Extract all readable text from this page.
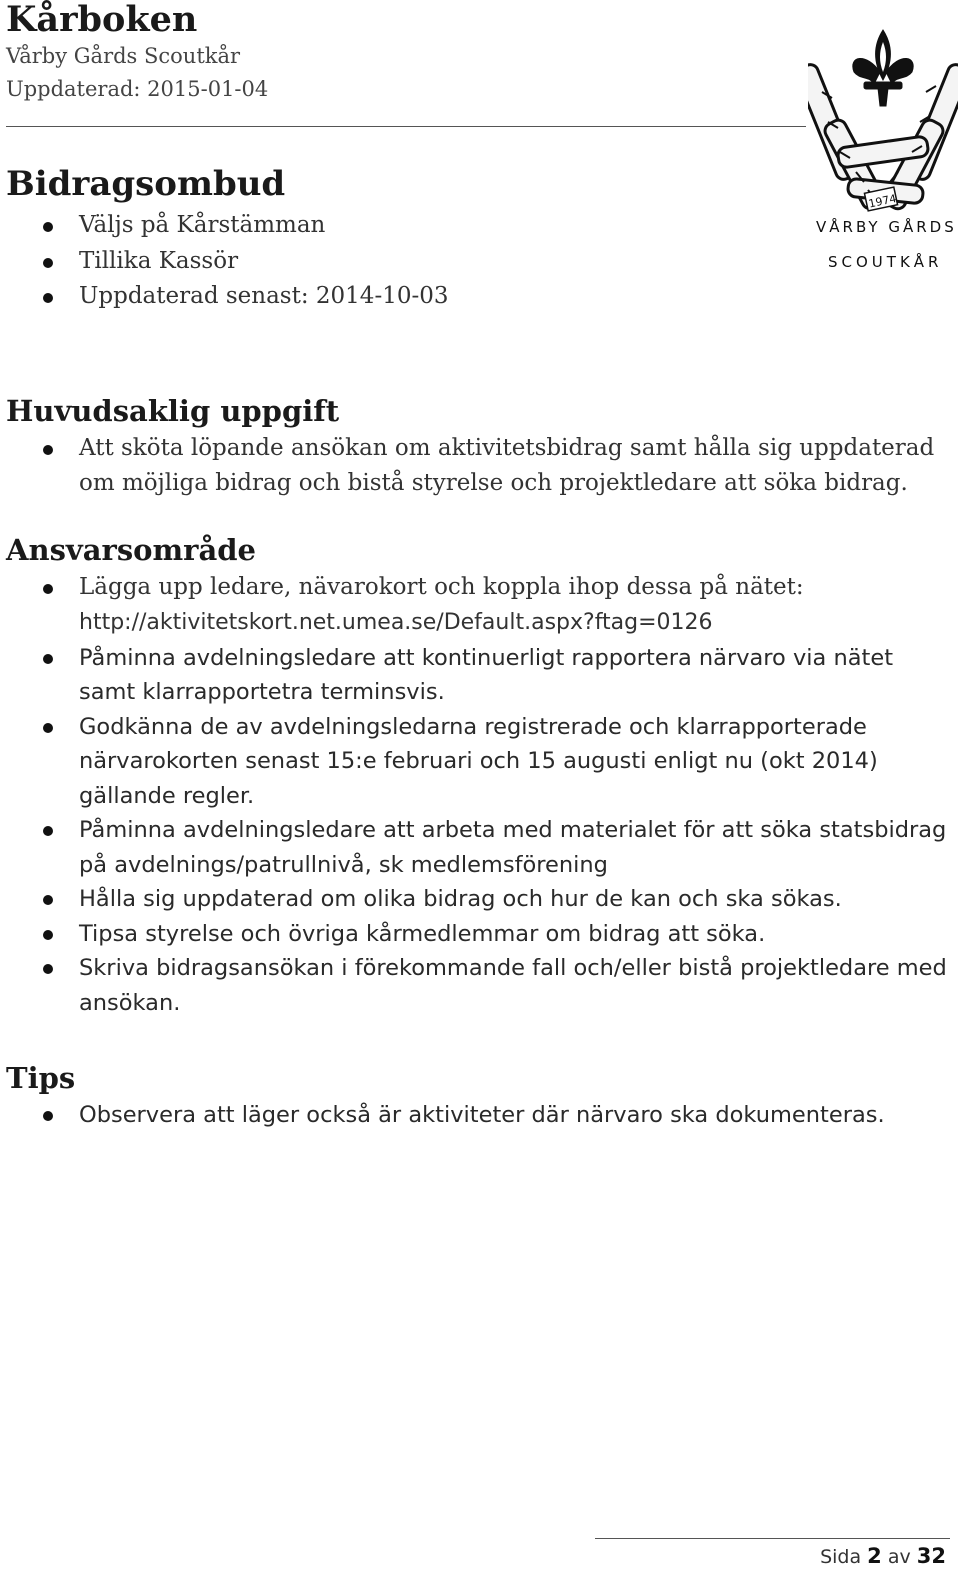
Kårboken
Vårby Gårds Scoutkår
Uppdaterad: 2015-01-04
1974
VÅRBY GÅRDS
SCOUTKÅR
Bidragsombud
Väljs på Kårstämman
Tillika Kassör
Uppdaterad senast: 2014-10-03
Huvudsaklig uppgift
Att sköta löpande ansökan om aktivitetsbidrag samt hålla sig uppdaterad om möjliga bidrag och bistå styrelse och projektledare att söka bidrag.
Ansvarsområde
Lägga upp ledare, nävarokort och koppla ihop dessa på nätet:
http://aktivitetskort.net.umea.se/Default.aspx?ftag=0126
Påminna avdelningsledare att kontinuerligt rapportera närvaro via nätet samt klarrapportetra terminsvis.
Godkänna de av avdelningsledarna registrerade och klarrapporterade närvarokorten senast 15:e februari och 15 augusti enligt nu (okt 2014) gällande regler.
Påminna avdelningsledare att arbeta med materialet för att söka statsbidrag på avdelnings/patrullnivå, sk medlemsförening
Hålla sig uppdaterad om olika bidrag och hur de kan och ska sökas.
Tipsa styrelse och övriga kårmedlemmar om bidrag att söka.
Skriva bidragsansökan i förekommande fall och/eller bistå projektledare med ansökan.
Tips
Observera att läger också är aktiviteter där närvaro ska dokumenteras.
Sida 2 av 32
